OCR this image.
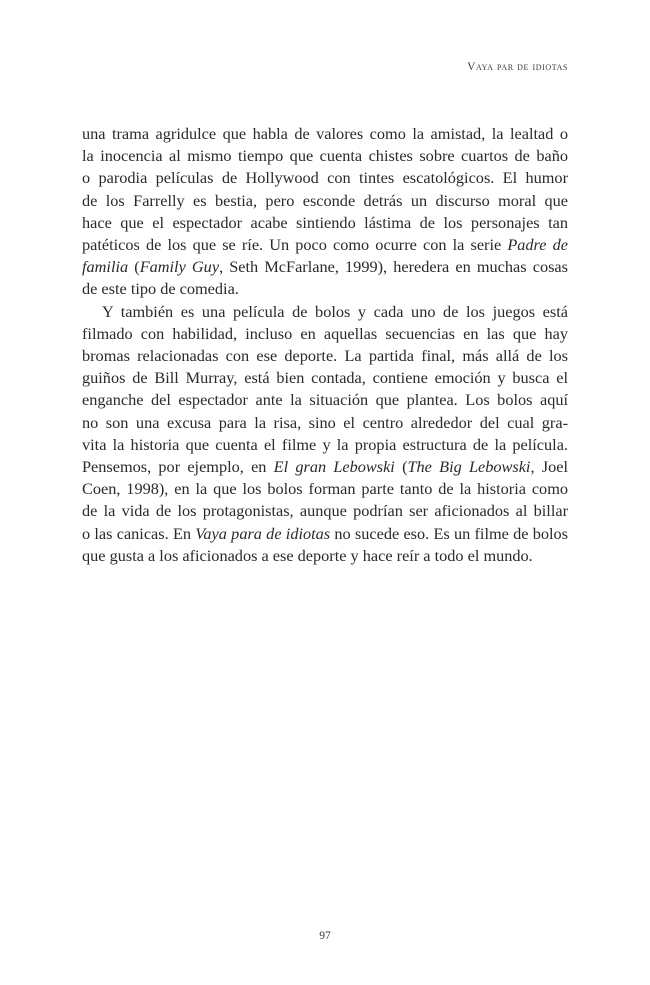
Vaya par de idiotas
una trama agridulce que habla de valores como la amistad, la lealtad o
la inocencia al mismo tiempo que cuenta chistes sobre cuartos de baño
o parodia películas de Hollywood con tintes escatológicos. El humor
de los Farrelly es bestia, pero esconde detrás un discurso moral que
hace que el espectador acabe sintiendo lástima de los personajes tan
patéticos de los que se ríe. Un poco como ocurre con la serie Padre de
familia (Family Guy, Seth McFarlane, 1999), heredera en muchas cosas
de este tipo de comedia.
Y también es una película de bolos y cada uno de los juegos está
filmado con habilidad, incluso en aquellas secuencias en las que hay
bromas relacionadas con ese deporte. La partida final, más allá de los
guiños de Bill Murray, está bien contada, contiene emoción y busca el
enganche del espectador ante la situación que plantea. Los bolos aquí
no son una excusa para la risa, sino el centro alrededor del cual gra-
vita la historia que cuenta el filme y la propia estructura de la película.
Pensemos, por ejemplo, en El gran Lebowski (The Big Lebowski, Joel
Coen, 1998), en la que los bolos forman parte tanto de la historia como
de la vida de los protagonistas, aunque podrían ser aficionados al billar
o las canicas. En Vaya para de idiotas no sucede eso. Es un filme de bolos
que gusta a los aficionados a ese deporte y hace reír a todo el mundo.
97
